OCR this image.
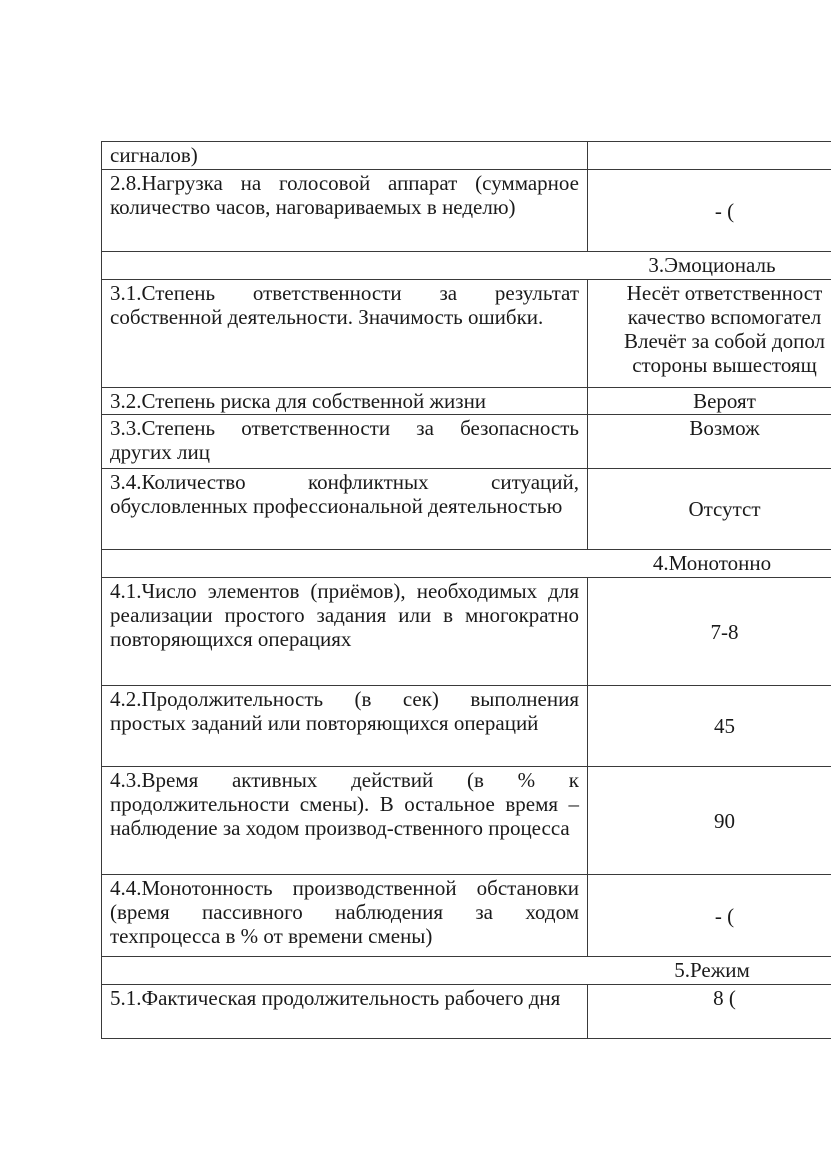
сигналов)	
2.8.Нагрузка на голосовой аппарат (суммарное количество часов, наговариваемых в неделю)	- (

3.Эмоциональ	
3.1.Степень ответственности за результат собственной деятельности. Значимость ошибки.	Несёт ответственност
качество вспомогател
Влечёт за собой допол
стороны вышестоящ

3.2.Степень риска для собственной жизни	Вероят

3.3.Степень ответственности за безопасность других лиц	Возмож

3.4.Количество конфликтных ситуаций, обусловленных профессиональной деятельностью	Отсутст

4.Монотонно	
4.1.Число элементов (приёмов), необходимых для реализации простого задания или в многократно повторяющихся операциях	7-8

4.2.Продолжительность (в сек) выполнения простых заданий или повторяющихся операций	45

4.3.Время активных действий (в % к продолжительности смены). В остальное время – наблюдение за ходом производ-ственного процесса	90

4.4.Монотонность производственной обстановки (время пассивного наблюдения за ходом техпроцесса в % от времени смены)	- (

5.Режим	
5.1.Фактическая продолжительность рабочего дня	8 (
